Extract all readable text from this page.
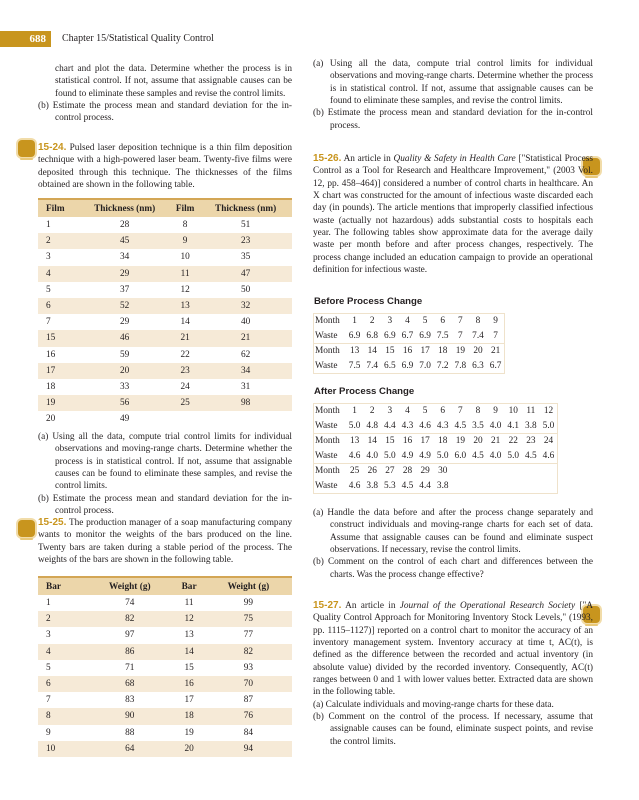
688	Chapter 15/Statistical Quality Control
chart and plot the data. Determine whether the process is in statistical control. If not, assume that assignable causes can be found to eliminate these samples and revise the control limits.
(b) Estimate the process mean and standard deviation for the in-control process.
15-24. Pulsed laser deposition technique is a thin film deposition technique with a high-powered laser beam. Twenty-five films were deposited through this technique. The thicknesses of the films obtained are shown in the following table.
Film	Thickness (nm)	Film	Thickness (nm)
1	28	8	51
2	45	9	23
3	34	10	35
4	29	11	47
5	37	12	50
6	52	13	32
7	29	14	40
15	46	21	21
16	59	22	62
17	20	23	34
18	33	24	31
19	56	25	98
20	49		
(a) Using all the data, compute trial control limits for individual observations and moving-range charts. Determine whether the process is in statistical control. If not, assume that assignable causes can be found to eliminate these samples, and revise the control limits.
(b) Estimate the process mean and standard deviation for the in-control process.
15-25. The production manager of a soap manufacturing company wants to monitor the weights of the bars produced on the line. Twenty bars are taken during a stable period of the process. The weights of the bars are shown in the following table.
Bar	Weight (g)	Bar	Weight (g)
1	74	11	99
2	82	12	75
3	97	13	77
4	86	14	82
5	71	15	93
6	68	16	70
7	83	17	87
8	90	18	76
9	88	19	84
10	64	20	94
(a) Using all the data, compute trial control limits for individual observations and moving-range charts. Determine whether the process is in statistical control. If not, assume that assignable causes can be found to eliminate these samples, and revise the control limits.
(b) Estimate the process mean and standard deviation for the in-control process.
15-26. An article in Quality & Safety in Health Care ["Statistical Process Control as a Tool for Research and Healthcare Improvement," (2003 Vol. 12, pp. 458–464)] considered a number of control charts in healthcare. An X chart was constructed for the amount of infectious waste discarded each day (in pounds). The article mentions that improperly classified infectious waste (actually not hazardous) adds substantial costs to hospitals each year. The following tables show approximate data for the average daily waste per month before and after process changes, respectively. The process change included an education campaign to provide an operational definition for infectious waste.
Before Process Change
Month	1	2	3	4	5	6	7	8	9
Waste	6.9	6.8	6.9	6.7	6.9	7.5	7	7.4	7
Month	13	14	15	16	17	18	19	20	21
Waste	7.5	7.4	6.5	6.9	7.0	7.2	7.8	6.3	6.7
After Process Change
Month	1	2	3	4	5	6	7	8	9	10	11	12
Waste	5.0	4.8	4.4	4.3	4.6	4.3	4.5	3.5	4.0	4.1	3.8	5.0
Month	13	14	15	16	17	18	19	20	21	22	23	24
Waste	4.6	4.0	5.0	4.9	4.9	5.0	6.0	4.5	4.0	5.0	4.5	4.6
Month	25	26	27	28	29	30						
Waste	4.6	3.8	5.3	4.5	4.4	3.8						
(a) Handle the data before and after the process change separately and construct individuals and moving-range charts for each set of data. Assume that assignable causes can be found and eliminate suspect observations. If necessary, revise the control limits.
(b) Comment on the control of each chart and differences between the charts. Was the process change effective?
15-27. An article in Journal of the Operational Research Society ["A Quality Control Approach for Monitoring Inventory Stock Levels," (1993, pp. 1115–1127)] reported on a control chart to monitor the accuracy of an inventory management system. Inventory accuracy at time t, AC(t), is defined as the difference between the recorded and actual inventory (in absolute value) divided by the recorded inventory. Consequently, AC(t) ranges between 0 and 1 with lower values better. Extracted data are shown in the following table.
(a) Calculate individuals and moving-range charts for these data.
(b) Comment on the control of the process. If necessary, assume that assignable causes can be found, eliminate suspect points, and revise the control limits.
